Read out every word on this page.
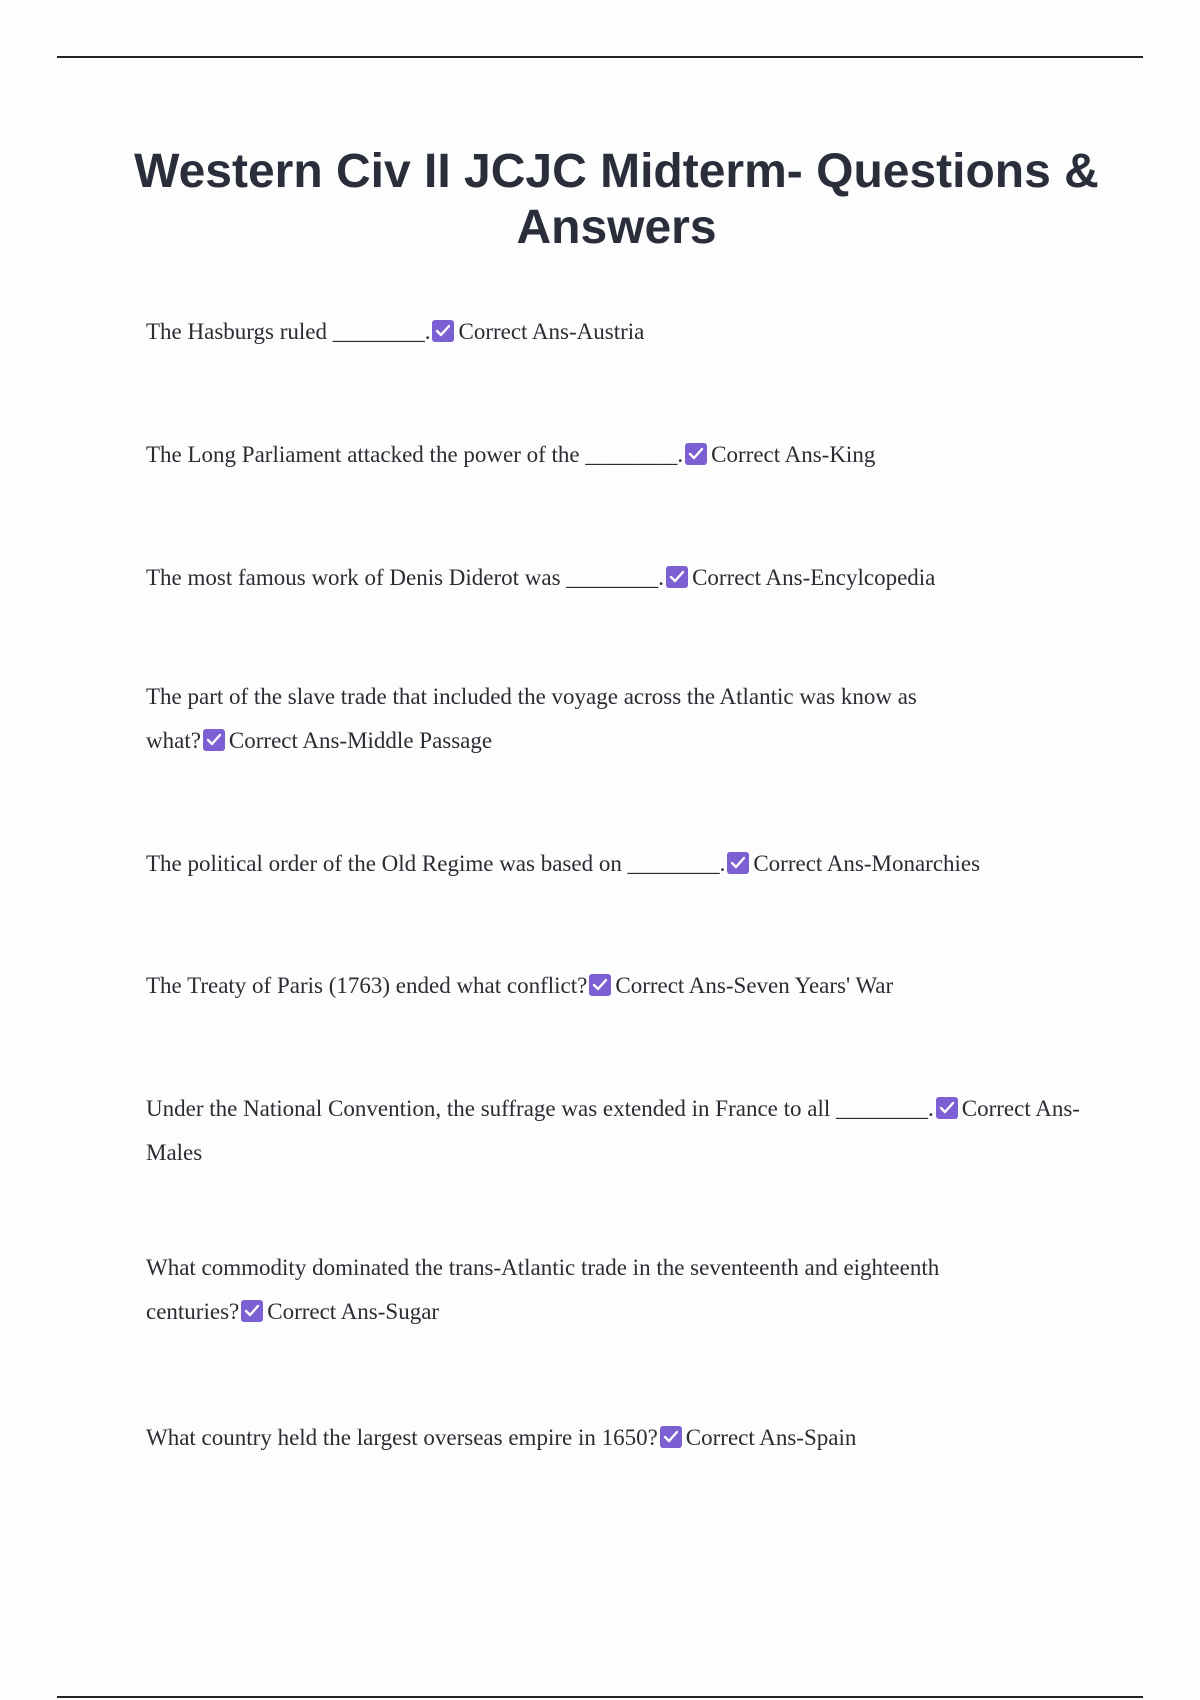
Western Civ II JCJC Midterm- Questions & Answers
The Hasburgs ruled ________. Correct Ans-Austria
The Long Parliament attacked the power of the ________. Correct Ans-King
The most famous work of Denis Diderot was ________. Correct Ans-Encylcopedia
The part of the slave trade that included the voyage across the Atlantic was know as what? Correct Ans-Middle Passage
The political order of the Old Regime was based on ________. Correct Ans-Monarchies
The Treaty of Paris (1763) ended what conflict? Correct Ans-Seven Years' War
Under the National Convention, the suffrage was extended in France to all ________. Correct Ans-Males
What commodity dominated the trans-Atlantic trade in the seventeenth and eighteenth centuries? Correct Ans-Sugar
What country held the largest overseas empire in 1650? Correct Ans-Spain
